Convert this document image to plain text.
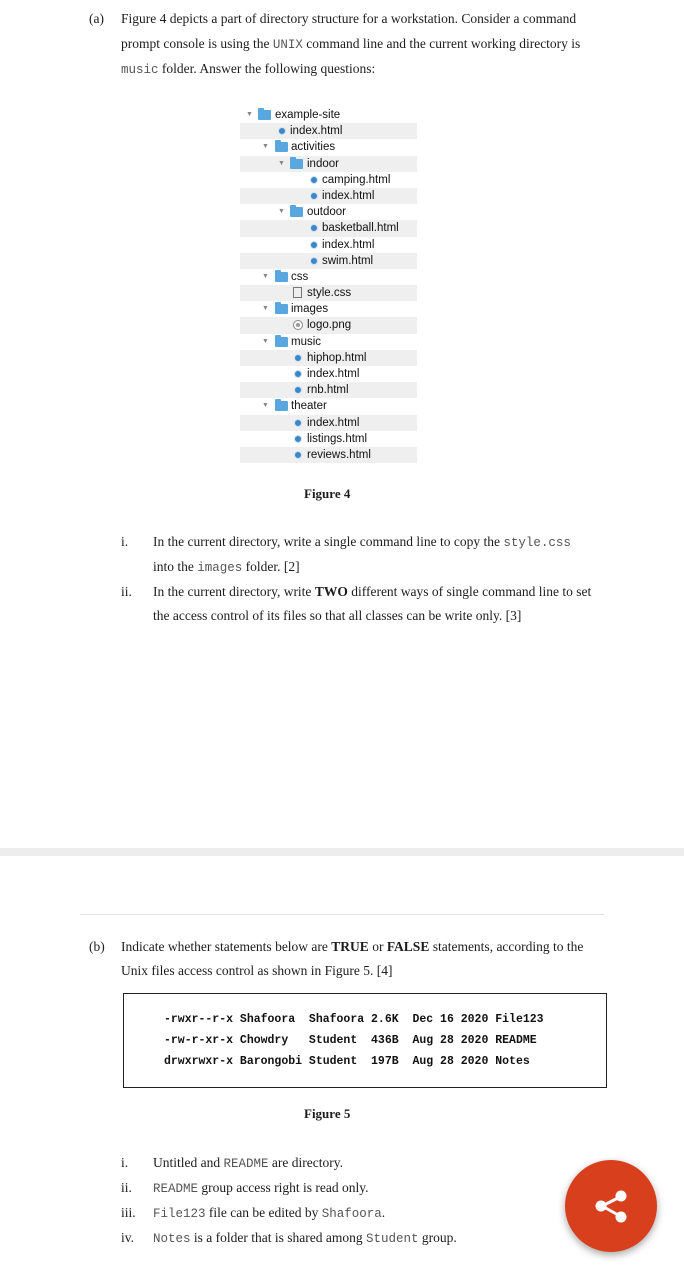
(a) Figure 4 depicts a part of directory structure for a workstation. Consider a command
prompt console is using the UNIX command line and the current working directory is
music folder. Answer the following questions:
▼ example-site
index.html
▼ activities
▼ indoor
camping.html
index.html
▼ outdoor
basketball.html
index.html
swim.html
▼ css
style.css
▼ images
logo.png
▼ music
hiphop.html
index.html
rnb.html
▼ theater
index.html
listings.html
reviews.html
Figure 4
i. In the current directory, write a single command line to copy the style.css
into the images folder. [2]
ii. In the current directory, write TWO different ways of single command line to set
the access control of its files so that all classes can be write only. [3]
(b) Indicate whether statements below are TRUE or FALSE statements, according to the
Unix files access control as shown in Figure 5. [4]
-rwxr--r-x Shafoora  Shafoora 2.6K  Dec 16 2020 File123
-rw-r-xr-x Chowdry   Student  436B  Aug 28 2020 README
drwxrwxr-x Barongobi Student  197B  Aug 28 2020 Notes
Figure 5
i. Untitled and README are directory.
ii. README group access right is read only.
iii. File123 file can be edited by Shafoora.
iv. Notes is a folder that is shared among Student group.
